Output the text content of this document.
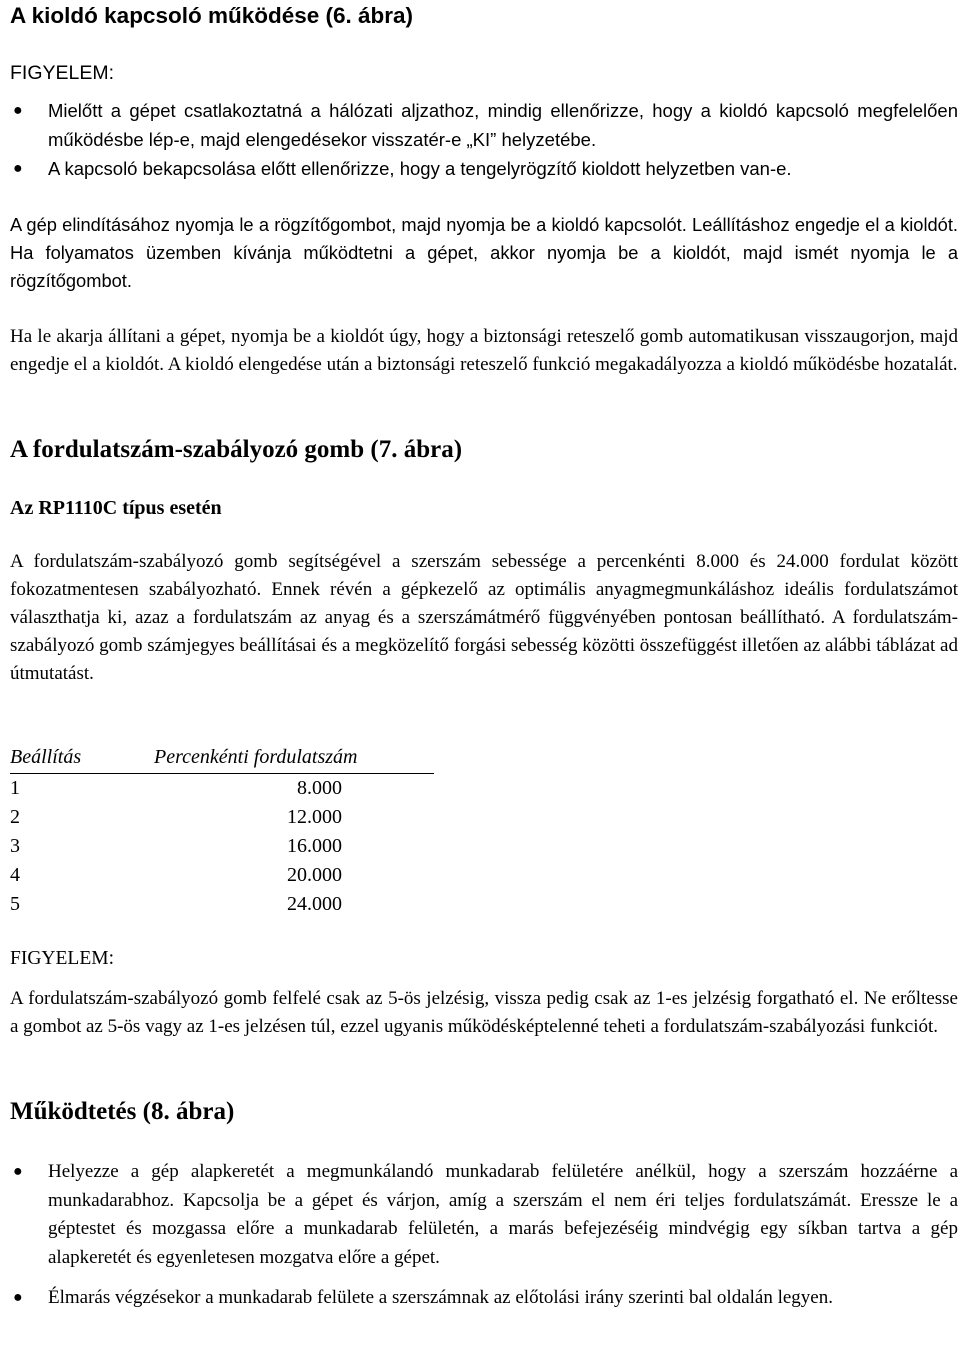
A kioldó kapcsoló működése (6. ábra)
FIGYELEM:
● Mielőtt a gépet csatlakoztatná a hálózati aljzathoz, mindig ellenőrizze, hogy a kioldó kapcsoló megfelelően működésbe lép-e, majd elengedésekor visszatér-e „KI” helyzetébe.
● A kapcsoló bekapcsolása előtt ellenőrizze, hogy a tengelyrögzítő kioldott helyzetben van-e.

A gép elindításához nyomja le a rögzítőgombot, majd nyomja be a kioldó kapcsolót. Leállításhoz engedje el a kioldót. Ha folyamatos üzemben kívánja működtetni a gépet, akkor nyomja be a kioldót, majd ismét nyomja le a rögzítőgombot.

Ha le akarja állítani a gépet, nyomja be a kioldót úgy, hogy a biztonsági reteszelő gomb automatikusan visszaugorjon, majd engedje el a kioldót. A kioldó elengedése után a biztonsági reteszelő funkció megakadályozza a kioldó működésbe hozatalát.

A fordulatszám-szabályozó gomb (7. ábra)
Az RP1110C típus esetén

A fordulatszám-szabályozó gomb segítségével a szerszám sebessége a percenkénti 8.000 és 24.000 fordulat között fokozatmentesen szabályozható. Ennek révén a gépkezelő az optimális anyagmegmunkáláshoz ideális fordulatszámot választhatja ki, azaz a fordulatszám az anyag és a szerszámátmérő függvényében pontosan beállítható. A fordulatszám-szabályozó gomb számjegyes beállításai és a megközelítő forgási sebesség közötti összefüggést illetően az alábbi táblázat ad útmutatást.

Beállítás	Percenkénti fordulatszám
1	8.000
2	12.000
3	16.000
4	20.000
5	24.000
FIGYELEM:

A fordulatszám-szabályozó gomb felfelé csak az 5-ös jelzésig, vissza pedig csak az 1-es jelzésig forgatható el. Ne erőltesse a gombot az 5-ös vagy az 1-es jelzésen túl, ezzel ugyanis működésképtelenné teheti a fordulatszám-szabályozási funkciót.

Működtetés (8. ábra)
● Helyezze a gép alapkeretét a megmunkálandó munkadarab felületére anélkül, hogy a szerszám hozzáérne a munkadarabhoz. Kapcsolja be a gépet és várjon, amíg a szerszám el nem éri teljes fordulatszámát. Eressze le a géptestet és mozgassa előre a munkadarab felületén, a marás befejezéséig mindvégig egy síkban tartva a gép alapkeretét és egyenletesen mozgatva előre a gépet.
● Élmarás végzésekor a munkadarab felülete a szerszámnak az előtolási irány szerinti bal oldalán legyen.
